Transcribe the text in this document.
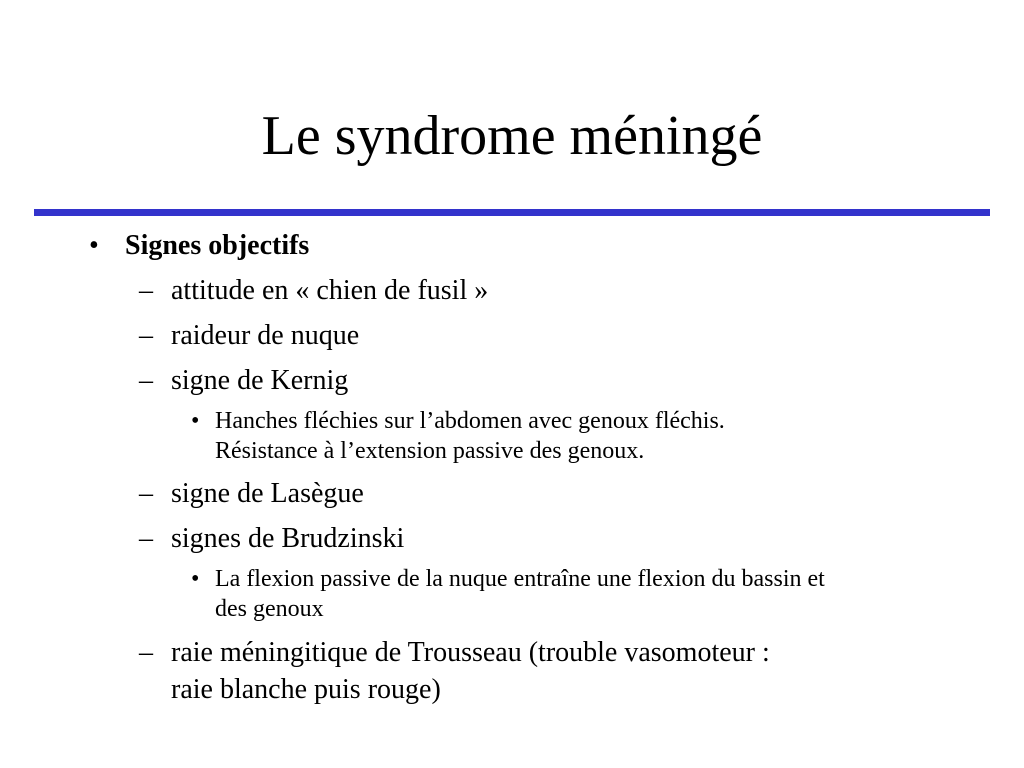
Le syndrome méningé
• Signes objectifs
– attitude en « chien de fusil »
– raideur de nuque
– signe de Kernig
• Hanches fléchies sur l’abdomen avec genoux fléchis.
Résistance à l’extension passive des genoux.
– signe de Lasègue
– signes de Brudzinski
• La flexion passive de la nuque entraîne une flexion du bassin et
des genoux
– raie méningitique de Trousseau (trouble vasomoteur :
raie blanche puis rouge)
